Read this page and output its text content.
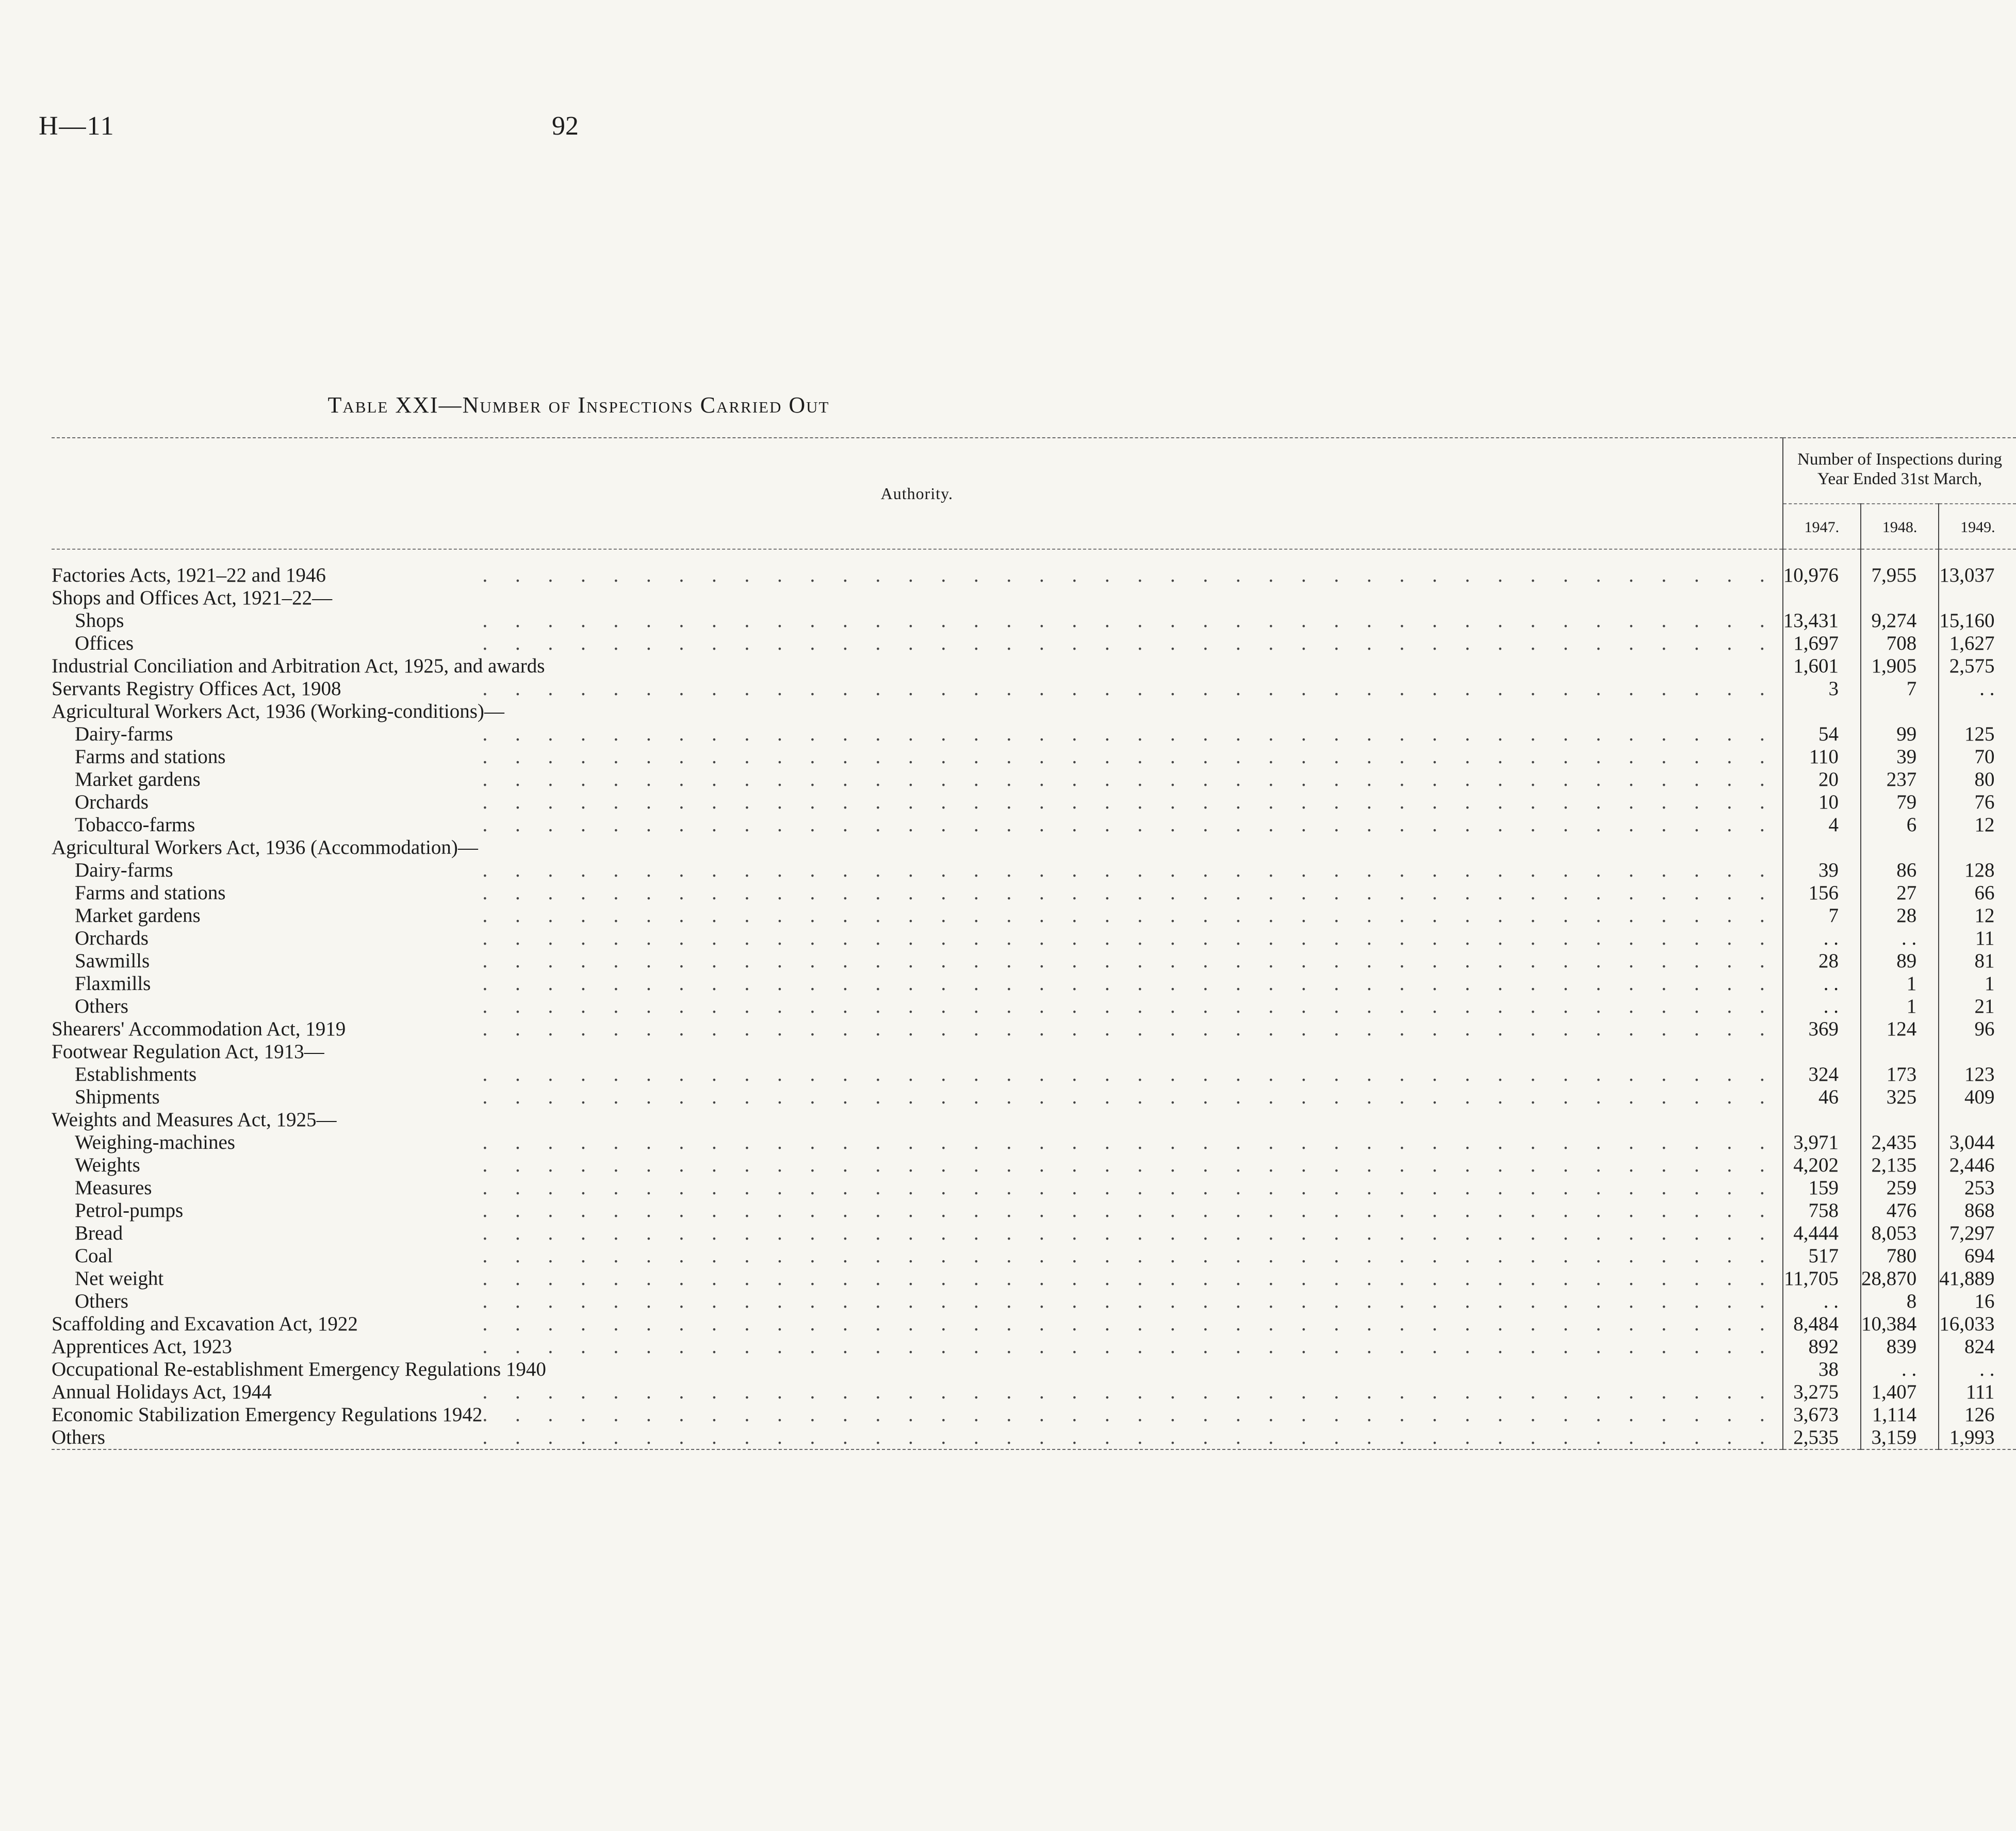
H—11	92
Table XXI—Number of Inspections Carried Out

Authority.	Number of Inspections during Year Ended 31st March,		
	1947.	1948.	1949.

Factories Acts, 1921–22 and 1946 . . . . . . . . . . . . . . . . . . . . . . . . . . . . . . . . . . . . . . . .	10,976	7,955	13,037

Shops and Offices Act, 1921–22—			

Shops . . . . . . . . . . . . . . . . . . . . . . . . . . . . . . . . . . . . . . . .	13,431	9,274	15,160

Offices . . . . . . . . . . . . . . . . . . . . . . . . . . . . . . . . . . . . . . . .	1,697	708	1,627

Industrial Conciliation and Arbitration Act, 1925, and awards	1,601	1,905	2,575

Servants Registry Offices Act, 1908 . . . . . . . . . . . . . . . . . . . . . . . . . . . . . . . . . . . . . . . .	3	7	. .

Agricultural Workers Act, 1936 (Working-conditions)—			

Dairy-farms . . . . . . . . . . . . . . . . . . . . . . . . . . . . . . . . . . . . . . . .	54	99	125

Farms and stations . . . . . . . . . . . . . . . . . . . . . . . . . . . . . . . . . . . . . . . .	110	39	70

Market gardens . . . . . . . . . . . . . . . . . . . . . . . . . . . . . . . . . . . . . . . .	20	237	80

Orchards . . . . . . . . . . . . . . . . . . . . . . . . . . . . . . . . . . . . . . . .	10	79	76

Tobacco-farms . . . . . . . . . . . . . . . . . . . . . . . . . . . . . . . . . . . . . . . .	4	6	12

Agricultural Workers Act, 1936 (Accommodation)—			

Dairy-farms . . . . . . . . . . . . . . . . . . . . . . . . . . . . . . . . . . . . . . . .	39	86	128

Farms and stations . . . . . . . . . . . . . . . . . . . . . . . . . . . . . . . . . . . . . . . .	156	27	66

Market gardens . . . . . . . . . . . . . . . . . . . . . . . . . . . . . . . . . . . . . . . .	7	28	12

Orchards . . . . . . . . . . . . . . . . . . . . . . . . . . . . . . . . . . . . . . . .	. .	. .	11

Sawmills . . . . . . . . . . . . . . . . . . . . . . . . . . . . . . . . . . . . . . . .	28	89	81

Flaxmills . . . . . . . . . . . . . . . . . . . . . . . . . . . . . . . . . . . . . . . .	. .	1	1

Others . . . . . . . . . . . . . . . . . . . . . . . . . . . . . . . . . . . . . . . .	. .	1	21

Shearers' Accommodation Act, 1919 . . . . . . . . . . . . . . . . . . . . . . . . . . . . . . . . . . . . . . . .	369	124	96

Footwear Regulation Act, 1913—			

Establishments . . . . . . . . . . . . . . . . . . . . . . . . . . . . . . . . . . . . . . . .	324	173	123

Shipments . . . . . . . . . . . . . . . . . . . . . . . . . . . . . . . . . . . . . . . .	46	325	409

Weights and Measures Act, 1925—			

Weighing-machines . . . . . . . . . . . . . . . . . . . . . . . . . . . . . . . . . . . . . . . .	3,971	2,435	3,044

Weights . . . . . . . . . . . . . . . . . . . . . . . . . . . . . . . . . . . . . . . .	4,202	2,135	2,446

Measures . . . . . . . . . . . . . . . . . . . . . . . . . . . . . . . . . . . . . . . .	159	259	253

Petrol-pumps . . . . . . . . . . . . . . . . . . . . . . . . . . . . . . . . . . . . . . . .	758	476	868

Bread . . . . . . . . . . . . . . . . . . . . . . . . . . . . . . . . . . . . . . . .	4,444	8,053	7,297

Coal . . . . . . . . . . . . . . . . . . . . . . . . . . . . . . . . . . . . . . . .	517	780	694

Net weight . . . . . . . . . . . . . . . . . . . . . . . . . . . . . . . . . . . . . . . .	11,705	28,870	41,889

Others . . . . . . . . . . . . . . . . . . . . . . . . . . . . . . . . . . . . . . . .	. .	8	16

Scaffolding and Excavation Act, 1922 . . . . . . . . . . . . . . . . . . . . . . . . . . . . . . . . . . . . . . . .	8,484	10,384	16,033

Apprentices Act, 1923 . . . . . . . . . . . . . . . . . . . . . . . . . . . . . . . . . . . . . . . .	892	839	824

Occupational Re-establishment Emergency Regulations 1940	38	. .	. .

Annual Holidays Act, 1944 . . . . . . . . . . . . . . . . . . . . . . . . . . . . . . . . . . . . . . . .	3,275	1,407	111

Economic Stabilization Emergency Regulations 1942 . . . . . . . . . . . . . . . . . . . . . . . . . . . . . . . . . . . . . . . .	3,673	1,114	126

Others . . . . . . . . . . . . . . . . . . . . . . . . . . . . . . . . . . . . . . . .	2,535	3,159	1,993
